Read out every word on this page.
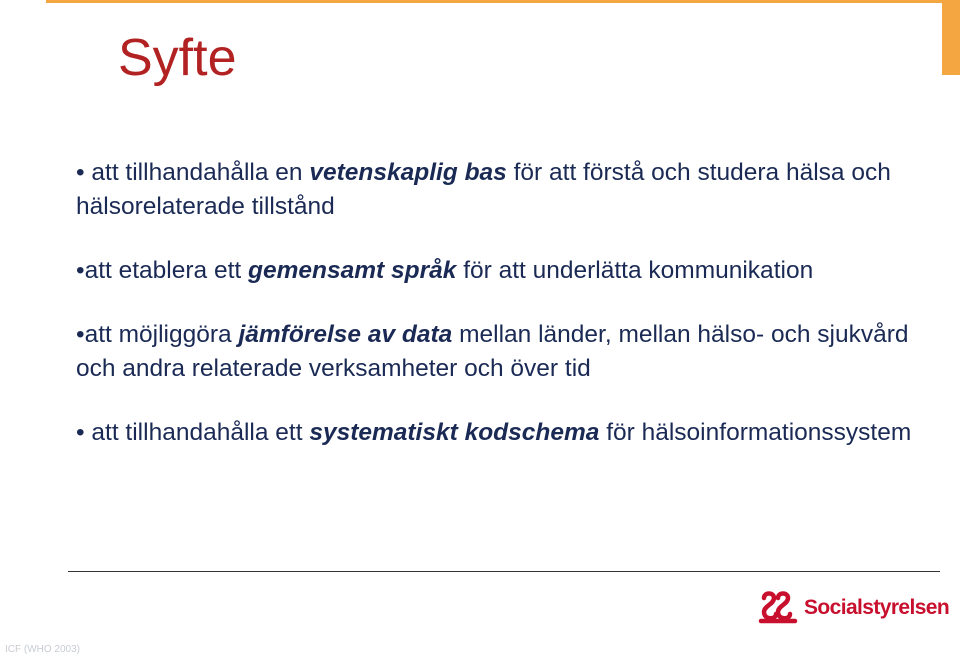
Syfte

• att tillhandahålla en vetenskaplig bas för att förstå och studera hälsa och hälsorelaterade tillstånd

•att etablera ett gemensamt språk för att underlätta kommunikation

•att möjliggöra jämförelse av data mellan länder, mellan hälso- och sjukvård och andra relaterade verksamheter och över tid

• att tillhandahålla ett systematiskt kodschema för hälsoinformationssystem

Socialstyrelsen
ICF (WHO 2003)
